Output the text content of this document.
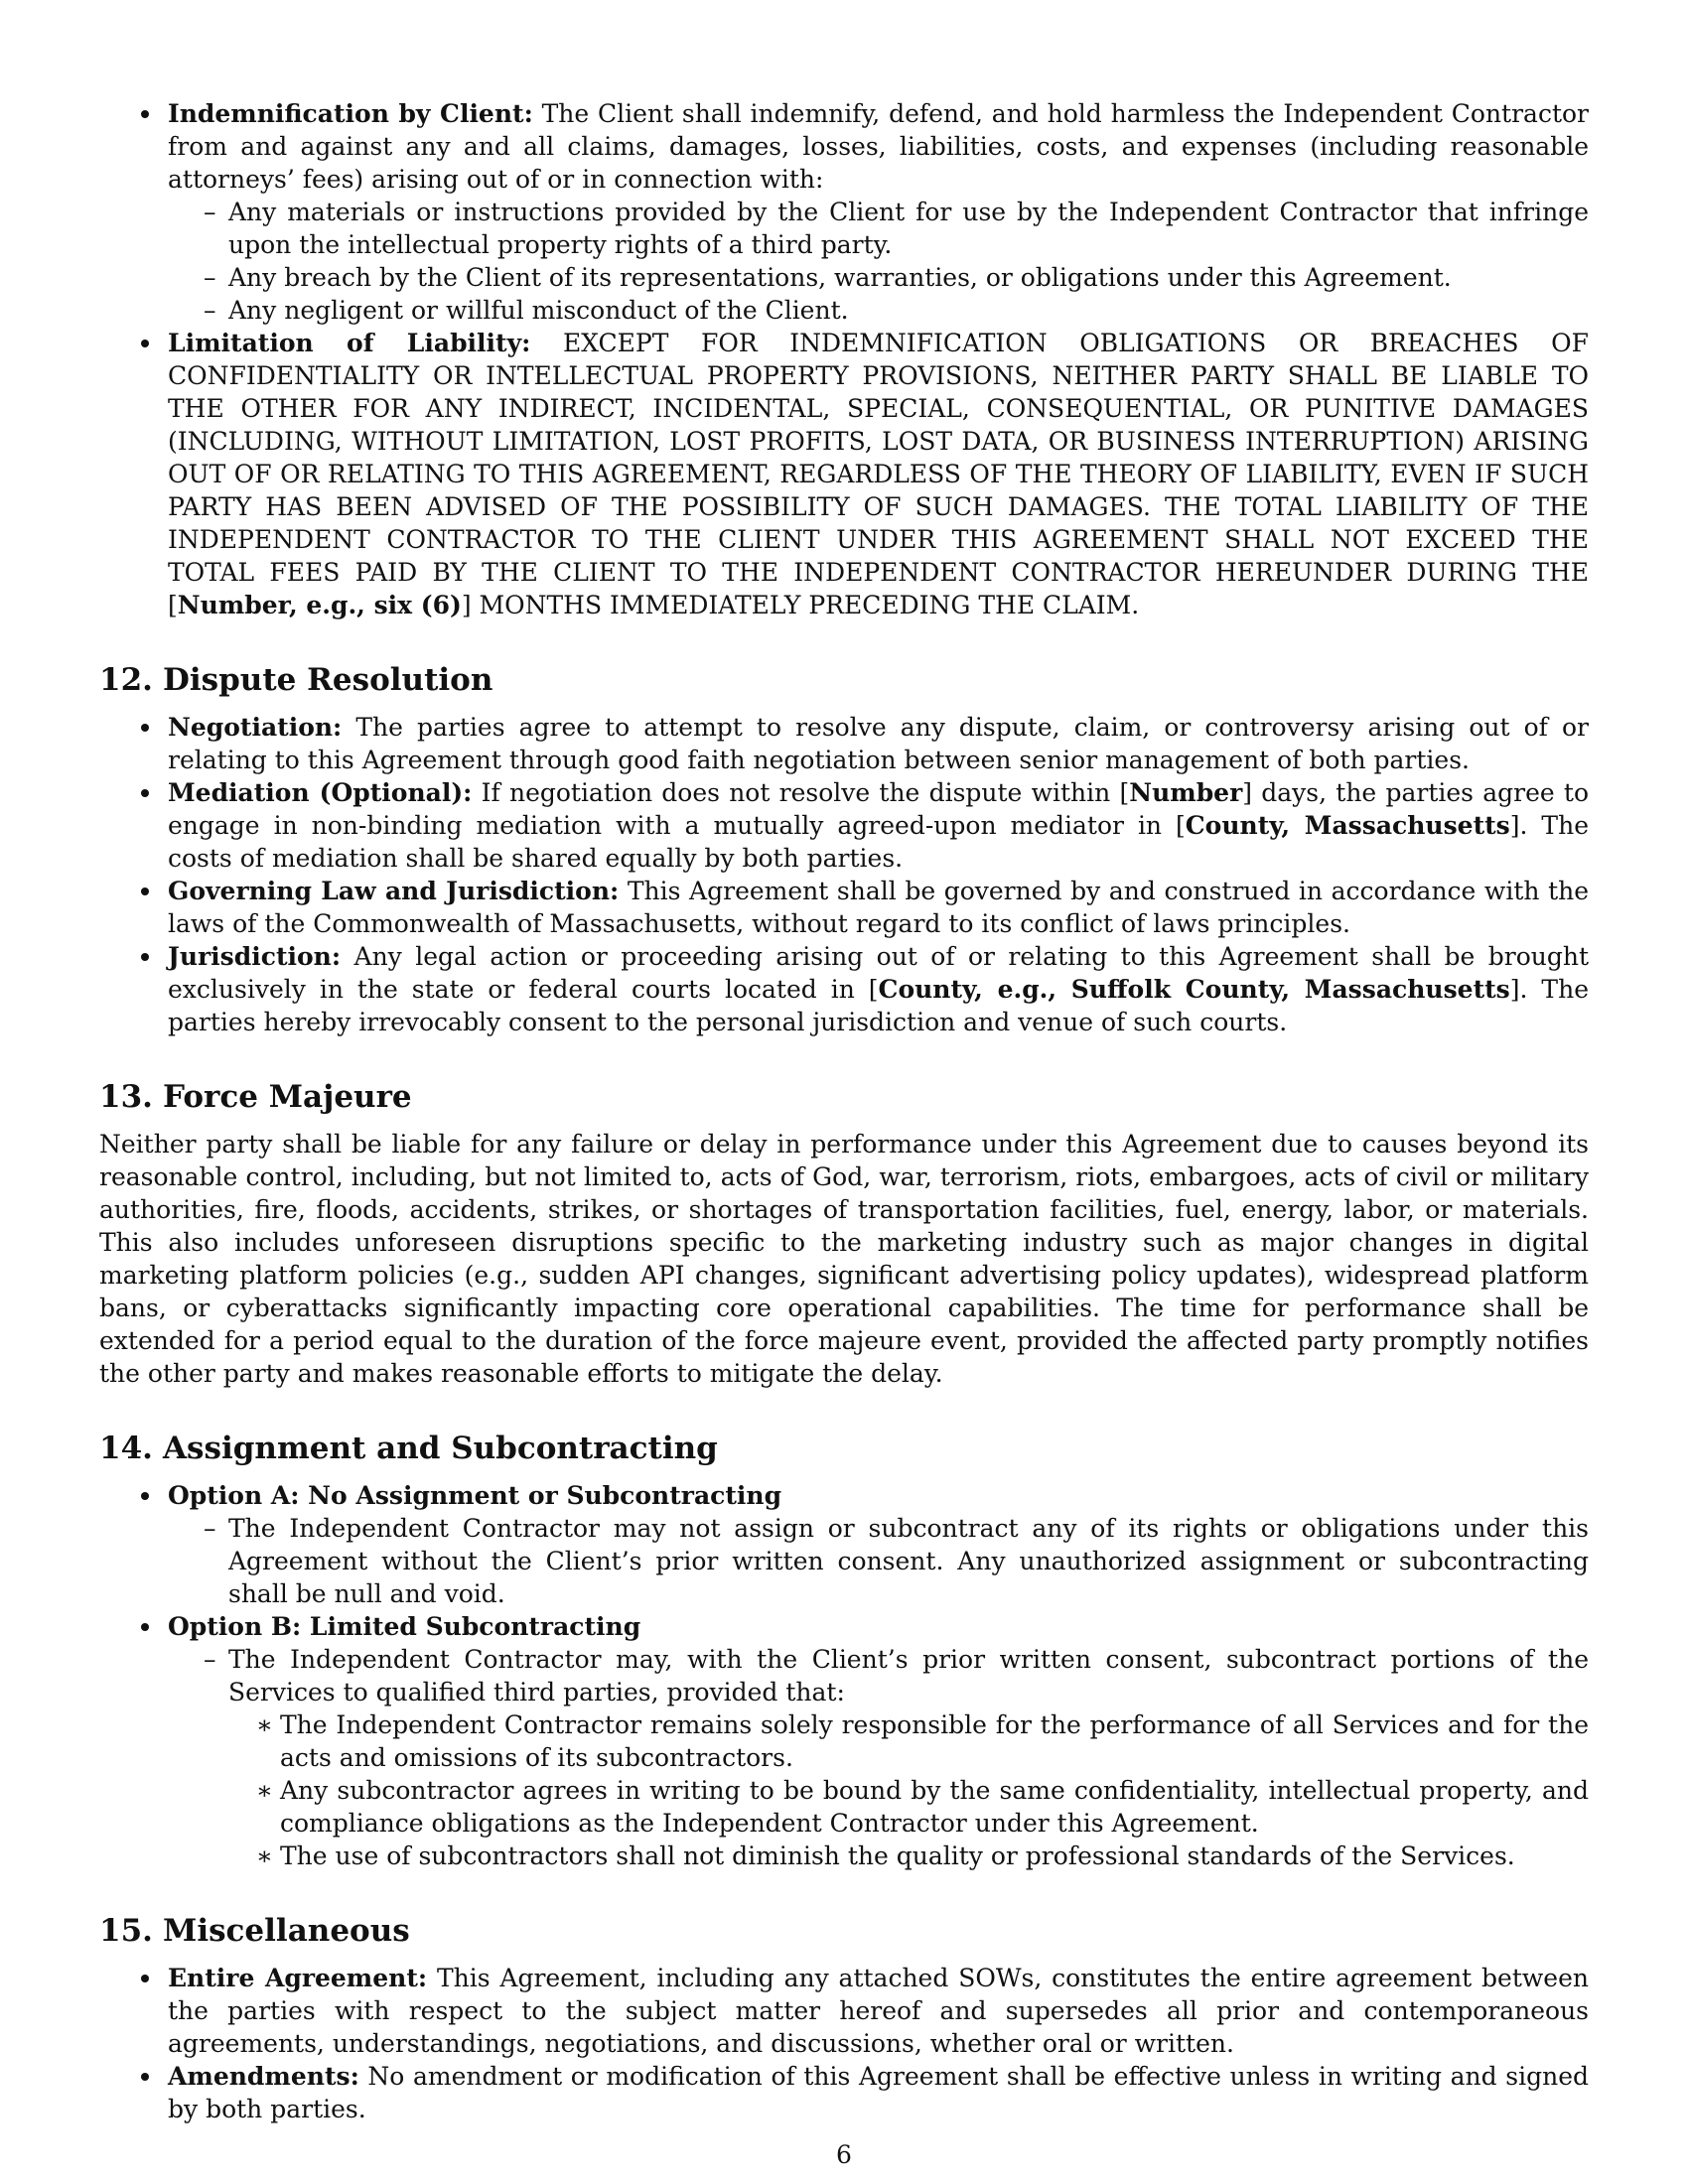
Indemnification by Client: The Client shall indemnify, defend, and hold harmless the Independent Contractor from and against any and all claims, damages, losses, liabilities, costs, and expenses (including reasonable attorneys’ fees) arising out of or in connection with:
– Any materials or instructions provided by the Client for use by the Independent Contractor that infringe upon the intellectual property rights of a third party.
– Any breach by the Client of its representations, warranties, or obligations under this Agreement.
– Any negligent or willful misconduct of the Client.
Limitation of Liability: EXCEPT FOR INDEMNIFICATION OBLIGATIONS OR BREACHES OF CONFIDENTIALITY OR INTELLECTUAL PROPERTY PROVISIONS, NEITHER PARTY SHALL BE LIABLE TO THE OTHER FOR ANY INDIRECT, INCIDENTAL, SPECIAL, CONSEQUENTIAL, OR PUNITIVE DAMAGES (INCLUDING, WITHOUT LIMITATION, LOST PROFITS, LOST DATA, OR BUSINESS INTERRUPTION) ARISING OUT OF OR RELATING TO THIS AGREEMENT, REGARDLESS OF THE THEORY OF LIABILITY, EVEN IF SUCH PARTY HAS BEEN ADVISED OF THE POSSIBILITY OF SUCH DAMAGES. THE TOTAL LIABILITY OF THE INDEPENDENT CONTRACTOR TO THE CLIENT UNDER THIS AGREEMENT SHALL NOT EXCEED THE TOTAL FEES PAID BY THE CLIENT TO THE INDEPENDENT CONTRACTOR HEREUNDER DURING THE [Number, e.g., six (6)] MONTHS IMMEDIATELY PRECEDING THE CLAIM.
12. Dispute Resolution
Negotiation: The parties agree to attempt to resolve any dispute, claim, or controversy arising out of or relating to this Agreement through good faith negotiation between senior management of both parties.
Mediation (Optional): If negotiation does not resolve the dispute within [Number] days, the parties agree to engage in non-binding mediation with a mutually agreed-upon mediator in [County, Massachusetts]. The costs of mediation shall be shared equally by both parties.
Governing Law and Jurisdiction: This Agreement shall be governed by and construed in accordance with the laws of the Commonwealth of Massachusetts, without regard to its conflict of laws principles.
Jurisdiction: Any legal action or proceeding arising out of or relating to this Agreement shall be brought exclusively in the state or federal courts located in [County, e.g., Suffolk County, Massachusetts]. The parties hereby irrevocably consent to the personal jurisdiction and venue of such courts.
13. Force Majeure

Neither party shall be liable for any failure or delay in performance under this Agreement due to causes beyond its reasonable control, including, but not limited to, acts of God, war, terrorism, riots, embargoes, acts of civil or military authorities, fire, floods, accidents, strikes, or shortages of transportation facilities, fuel, energy, labor, or materials. This also includes unforeseen disruptions specific to the marketing industry such as major changes in digital marketing platform policies (e.g., sudden API changes, significant advertising policy updates), widespread platform bans, or cyberattacks significantly impacting core operational capabilities. The time for performance shall be extended for a period equal to the duration of the force majeure event, provided the affected party promptly notifies the other party and makes reasonable efforts to mitigate the delay.

14. Assignment and Subcontracting
Option A: No Assignment or Subcontracting
– The Independent Contractor may not assign or subcontract any of its rights or obligations under this Agreement without the Client’s prior written consent. Any unauthorized assignment or subcontracting shall be null and void.
Option B: Limited Subcontracting
– The Independent Contractor may, with the Client’s prior written consent, subcontract portions of the Services to qualified third parties, provided that:
∗ The Independent Contractor remains solely responsible for the performance of all Services and for the acts and omissions of its subcontractors.
∗ Any subcontractor agrees in writing to be bound by the same confidentiality, intellectual property, and compliance obligations as the Independent Contractor under this Agreement.
∗ The use of subcontractors shall not diminish the quality or professional standards of the Services.
15. Miscellaneous
Entire Agreement: This Agreement, including any attached SOWs, constitutes the entire agreement between the parties with respect to the subject matter hereof and supersedes all prior and contemporaneous agreements, understandings, negotiations, and discussions, whether oral or written.
Amendments: No amendment or modification of this Agreement shall be effective unless in writing and signed by both parties.
6
